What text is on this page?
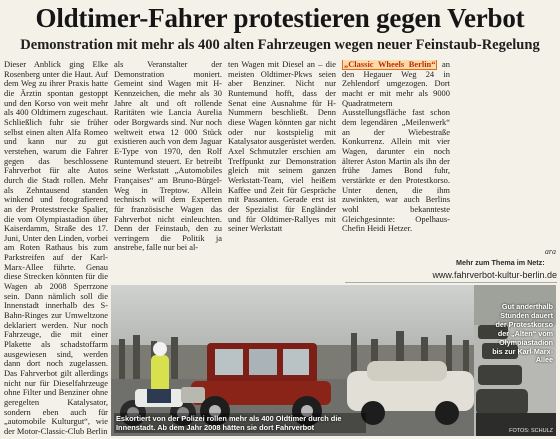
Oldtimer-Fahrer protestieren gegen Verbot
Demonstration mit mehr als 400 alten Fahrzeugen wegen neuer Feinstaub-Regelung

Dieser Anblick ging Elke Rosenberg unter die Haut. Auf dem Weg zu ihrer Praxis hatte die Ärztin spontan gestoppt und den Korso von weit mehr als 400 Oldtimern zugeschaut. Schließlich fuhr sie früher selbst einen alten Alfa Romeo und kann nur zu gut verstehen, warum die Fahrer gegen das beschlossene Fahrverbot für alte Autos durch die Stadt rollen. Mehr als Zehntausend standen winkend und fotografierend an der Proteststrecke Spalier, die vom Olympiastadion über Kaiserdamm, Straße des 17. Juni, Unter den Linden, vorbei am Roten Rathaus bis zum Parkstreifen auf der Karl-Marx-Allee führte. Genau diese Strecken könnten für die Wagen ab 2008 Sperrzone sein. Dann nämlich soll die Innenstadt innerhalb des S-Bahn-Ringes zur Umweltzone deklariert werden. Nur noch Fahrzeuge, die mit einer Plakette als schadstoffarm ausgewiesen sind, werden dann dort noch zugelassen. Das Fahrverbot gilt allerdings nicht nur für Dieselfahrzeuge ohne Filter und Benziner ohne geregelten Katalysator, sondern eben auch für „automobile Kulturgut“, wie der Motor-Classic-Club Berlin

als Veranstalter der Demonstration moniert. Gemeint sind Wagen mit H-Kennzeichen, die mehr als 30 Jahre alt und oft rollende Raritäten wie Lancia Aurelia oder Borgwards sind. Nur noch weltweit etwa 12 000 Stück existieren auch von dem Jaguar E-Type von 1970, den Rolf Runtemund steuert. Er betreibt seine Werkstatt „Automobiles Françaises“ am Bruno-Bürgel-Weg in Treptow. Allein technisch will dem Experten für französische Wagen das Fahrverbot nicht einleuchten. Denn der Feinstaub, den zu verringern die Politik ja anstrebe, falle nur bei al-

ten Wagen mit Diesel an – die meisten Oldtimer-Pkws seien aber Benziner. Nicht nur Runtemund hofft, dass der Senat eine Ausnahme für H-Nummern beschließt. Denn diese Wagen könnten gar nicht oder nur kostspielig mit Katalysator ausgerüstet werden. Axel Schmutzler erschien am Treffpunkt zur Demonstration gleich mit seinem ganzen Werkstatt-Team, viel heißem Kaffee und Zeit für Gespräche mit Passanten. Gerade erst ist der Spezialist für Engländer und für Oldtimer-Rallyes mit seiner Werkstatt

„Classic Wheels Berlin“ an den Hegauer Weg 24 in Zehlendorf umgezogen. Dort macht er mit mehr als 9000 Quadratmetern Ausstellungsfläche fast schon dem legendären „Meilenwerk“ an der Wiebestraße Konkurrenz. Allein mit vier Wagen, darunter ein noch älterer Aston Martin als ihn der frühe James Bond fuhr, verstärkte er den Protestkorso. Unter denen, die ihm zuwinkten, war auch Berlins wohl bekannteste Gleichgesinnte: Opelhaus-Chefin Heidi Hetzer.

ara
Mehr zum Thema im Netz:
www.fahrverbot-kultur-berlin.de
Eskortiert von der Polizei rollen mehr als 400 Oldtimer durch die Innenstadt. Ab dem Jahr 2008 hätten sie dort Fahrverbot
Gut anderthalb Stunden dauert der Protestkorso der „Alten“ vom Olympiastadion bis zur Karl-Marx-Allee
FOTOS: SCHULZ
